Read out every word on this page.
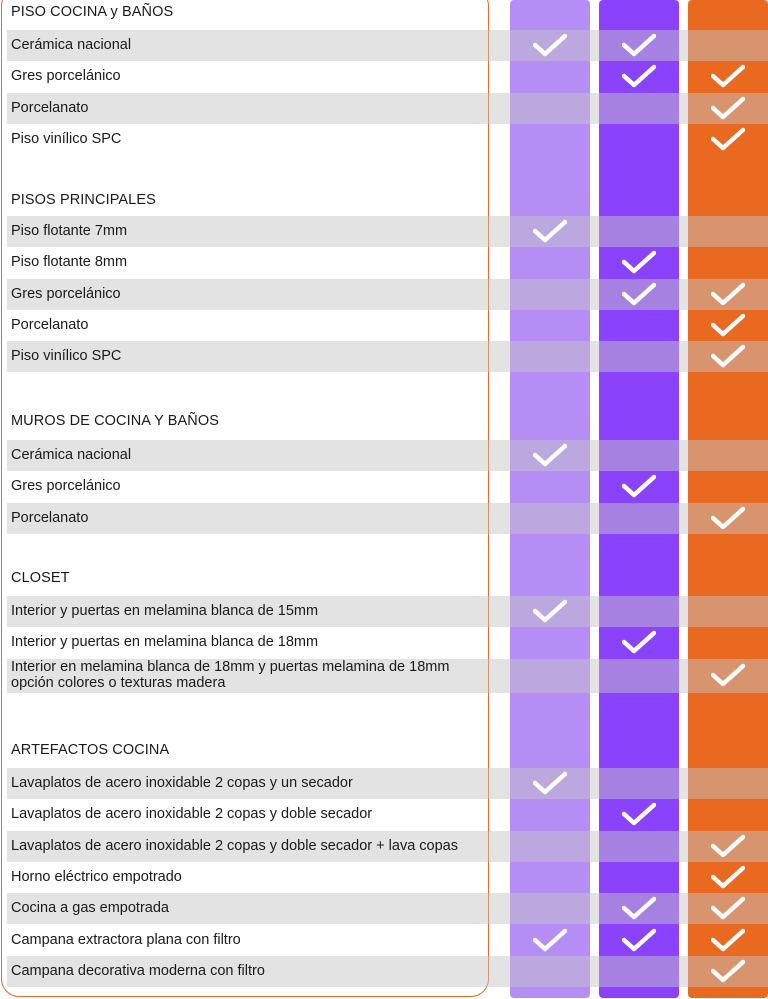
PISO COCINA y BAÑOS
Cerámica nacional
Gres porcelánico
Porcelanato
Piso vinílico SPC
PISOS PRINCIPALES
Piso flotante 7mm
Piso flotante 8mm
Gres porcelánico
Porcelanato
Piso vinílico SPC
MUROS DE COCINA Y BAÑOS
Cerámica nacional
Gres porcelánico
Porcelanato
CLOSET
Interior y puertas en melamina blanca de 15mm
Interior y puertas en melamina blanca de 18mm
Interior en melamina blanca de 18mm y puertas melamina de 18mm
opción colores o texturas madera
ARTEFACTOS COCINA
Lavaplatos de acero inoxidable 2 copas y un secador
Lavaplatos de acero inoxidable 2 copas y doble secador
Lavaplatos de acero inoxidable 2 copas y doble secador + lava copas
Horno eléctrico empotrado
Cocina a gas empotrada
Campana extractora plana con filtro
Campana decorativa moderna con filtro
